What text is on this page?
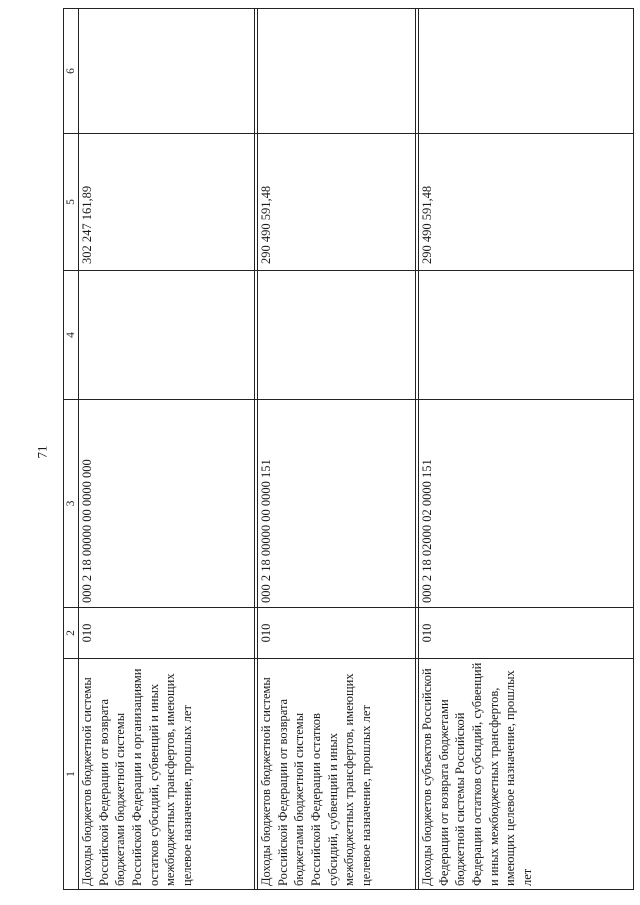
71
1	2	3	4	5	6
Доходы бюджетов бюджетной системы Российской Федерации от возврата бюджетами бюджетной системы Российской Федерации и организациями остатков субсидий, субвенций и иных межбюджетных трансфертов, имеющих целевое назначение, прошлых лет	010	000 2 18 00000 00 0000 000		302 247 161,89	

Доходы бюджетов бюджетной системы Российской Федерации от возврата бюджетами бюджетной системы Российской Федерации остатков субсидий, субвенций и иных межбюджетных трансфертов, имеющих целевое назначение, прошлых лет	010	000 2 18 00000 00 0000 151		290 490 591,48	

Доходы бюджетов субъектов Российской Федерации от возврата бюджетами бюджетной системы Российской Федерации остатков субсидий, субвенций и иных межбюджетных трансфертов, имеющих целевое назначение, прошлых лет	010	000 2 18 02000 02 0000 151		290 490 591,48	
